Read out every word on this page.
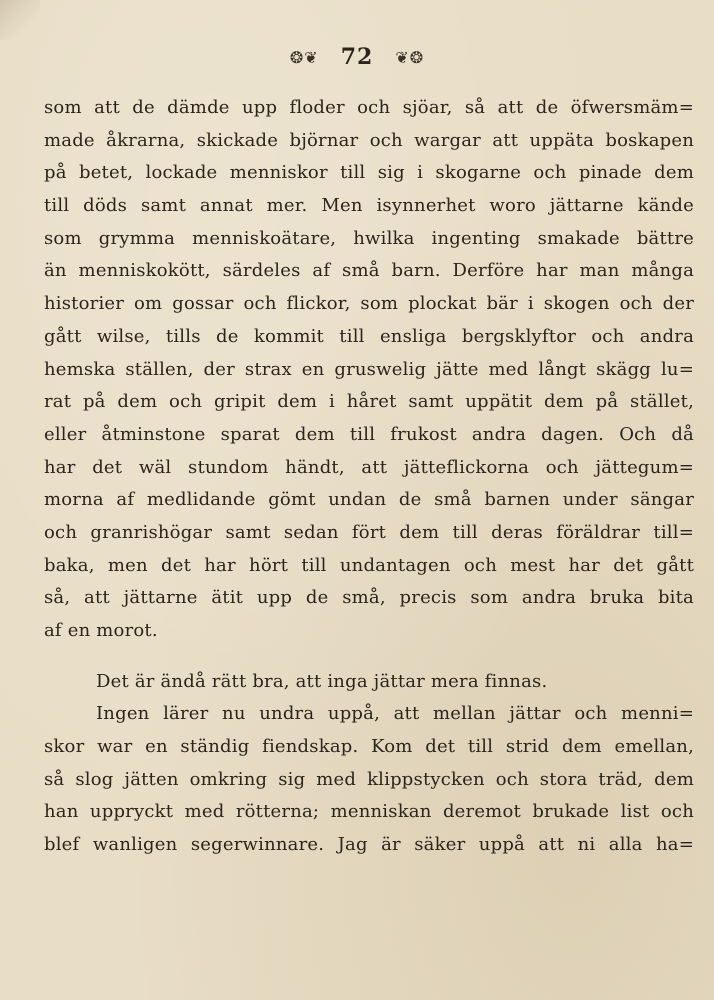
❂❦ 72 ❦❂
som att de dämde upp floder och sjöar, så att de öfwersmäm=
made åkrarna, skickade björnar och wargar att uppäta boskapen
på betet, lockade menniskor till sig i skogarne och pinade dem
till döds samt annat mer. Men isynnerhet woro jättarne kände
som grymma menniskoätare, hwilka ingenting smakade bättre
än menniskokött, särdeles af små barn. Derföre har man många
historier om gossar och flickor, som plockat bär i skogen och der
gått wilse, tills de kommit till ensliga bergsklyftor och andra
hemska ställen, der strax en gruswelig jätte med långt skägg lu=
rat på dem och gripit dem i håret samt uppätit dem på stället,
eller åtminstone sparat dem till frukost andra dagen. Och då
har det wäl stundom händt, att jätteflickorna och jättegum=
morna af medlidande gömt undan de små barnen under sängar
och granrishögar samt sedan fört dem till deras föräldrar till=
baka, men det har hört till undantagen och mest har det gått
så, att jättarne ätit upp de små, precis som andra bruka bita
af en morot.
Det är ändå rätt bra, att inga jättar mera finnas.
Ingen lärer nu undra uppå, att mellan jättar och menni=
skor war en ständig fiendskap. Kom det till strid dem emellan,
så slog jätten omkring sig med klippstycken och stora träd, dem
han uppryckt med rötterna; menniskan deremot brukade list och
blef wanligen segerwinnare. Jag är säker uppå att ni alla ha=
